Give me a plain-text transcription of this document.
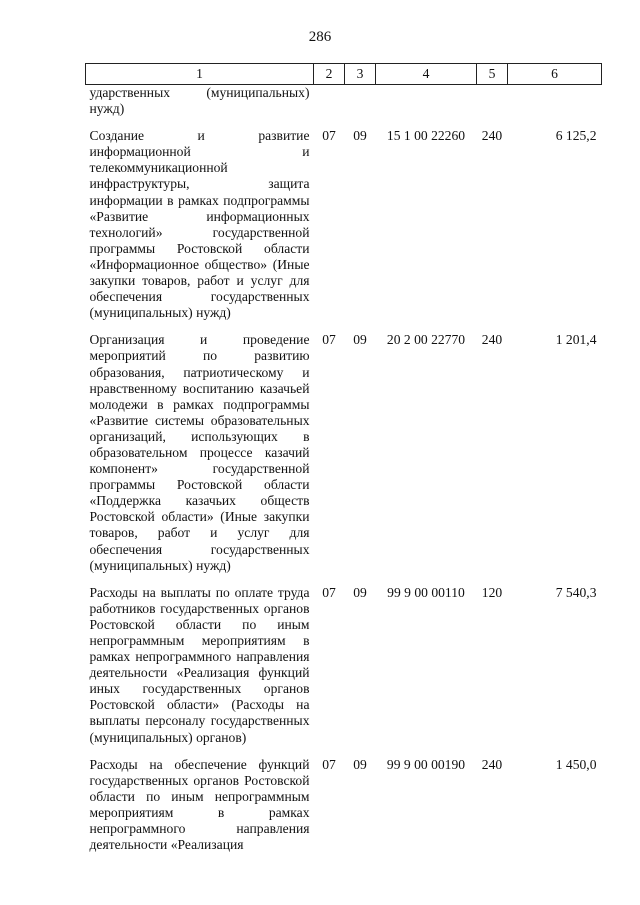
286
1	2	3	4	5	6
ударственных (муниципальных) нужд)					
Создание и развитие информационной и телекоммуникационной инфраструктуры, защита информации в рамках подпрограммы «Развитие информационных технологий» государственной программы Ростовской области «Информационное общество» (Иные закупки товаров, работ и услуг для обеспечения государственных (муниципальных) нужд)	07	09	15 1 00 22260	240	6 125,2
Организация и проведение мероприятий по развитию образования, патриотическому и нравственному воспитанию казачьей молодежи в рамках подпрограммы «Развитие системы образовательных организаций, использующих в образовательном процессе казачий компонент» государственной программы Ростовской области «Поддержка казачьих обществ Ростовской области» (Иные закупки товаров, работ и услуг для обеспечения государственных (муниципальных) нужд)	07	09	20 2 00 22770	240	1 201,4
Расходы на выплаты по оплате труда работников государственных органов Ростовской области по иным непрограммным мероприятиям в рамках непрограммного направления деятельности «Реализация функций иных государственных органов Ростовской области» (Расходы на выплаты персоналу государственных (муниципальных) органов)	07	09	99 9 00 00110	120	7 540,3
Расходы на обеспечение функций государственных органов Ростовской области по иным непрограммным мероприятиям в рамках непрограммного направления деятельности «Реализация	07	09	99 9 00 00190	240	1 450,0
